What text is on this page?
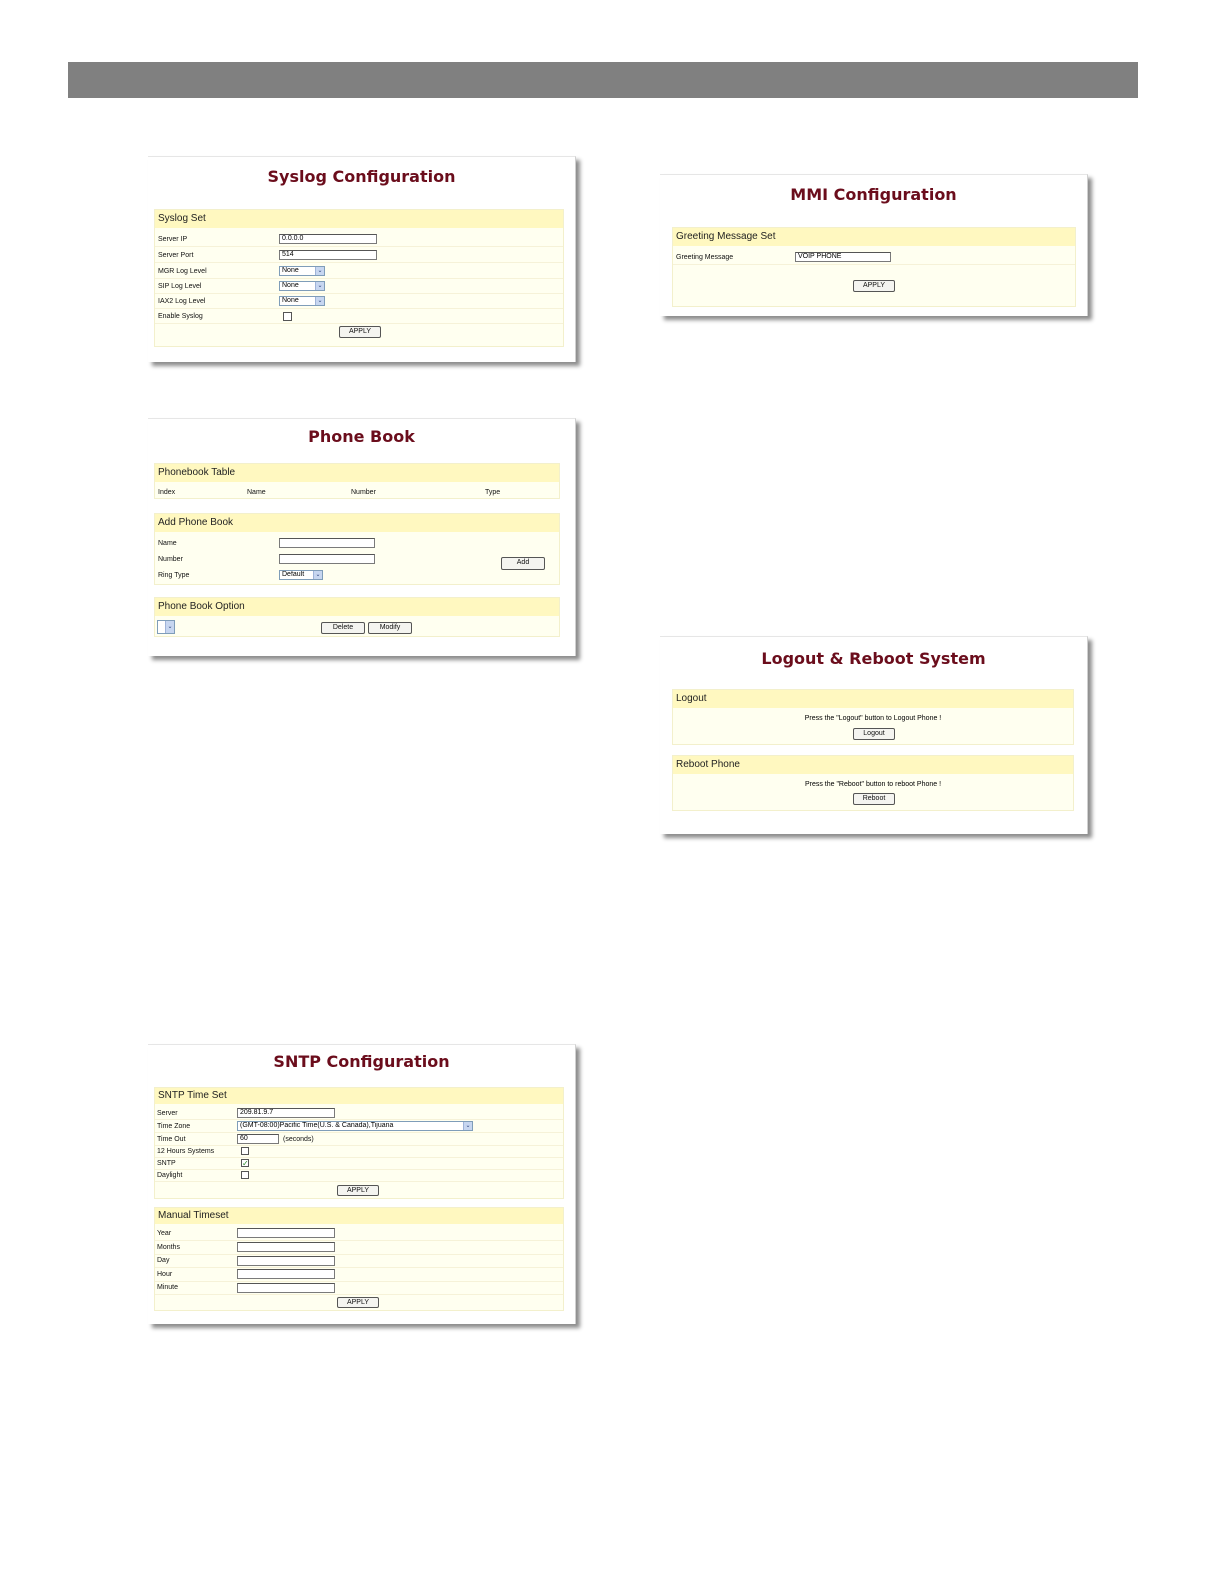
Syslog Configuration
Syslog Set
Server IP	0.0.0.0
Server Port	514
MGR Log Level	None	⌄
SIP Log Level	None	⌄
IAX2 Log Level	None	⌄
Enable Syslog
APPLY
MMI Configuration
Greeting Message Set
Greeting Message	VOIP PHONE
APPLY
Phone Book
Phonebook Table
Index	Name	Number	Type
Add Phone Book
Name
Number
Ring Type	Default	⌄
Add
Phone Book Option
⌄	Delete	Modify
Logout & Reboot System
Logout
Press the "Logout" button to Logout Phone !
Logout
Reboot Phone
Press the "Reboot" button to reboot Phone !
Reboot
SNTP Configuration
SNTP Time Set
Server	209.81.9.7
Time Zone	(GMT-08:00)Pacific Time(U.S. & Canada),Tijuana	⌄
Time Out	60	(seconds)
12 Hours Systems
SNTP	✓
Daylight
APPLY
Manual Timeset
Year
Months
Day
Hour
Minute
APPLY
